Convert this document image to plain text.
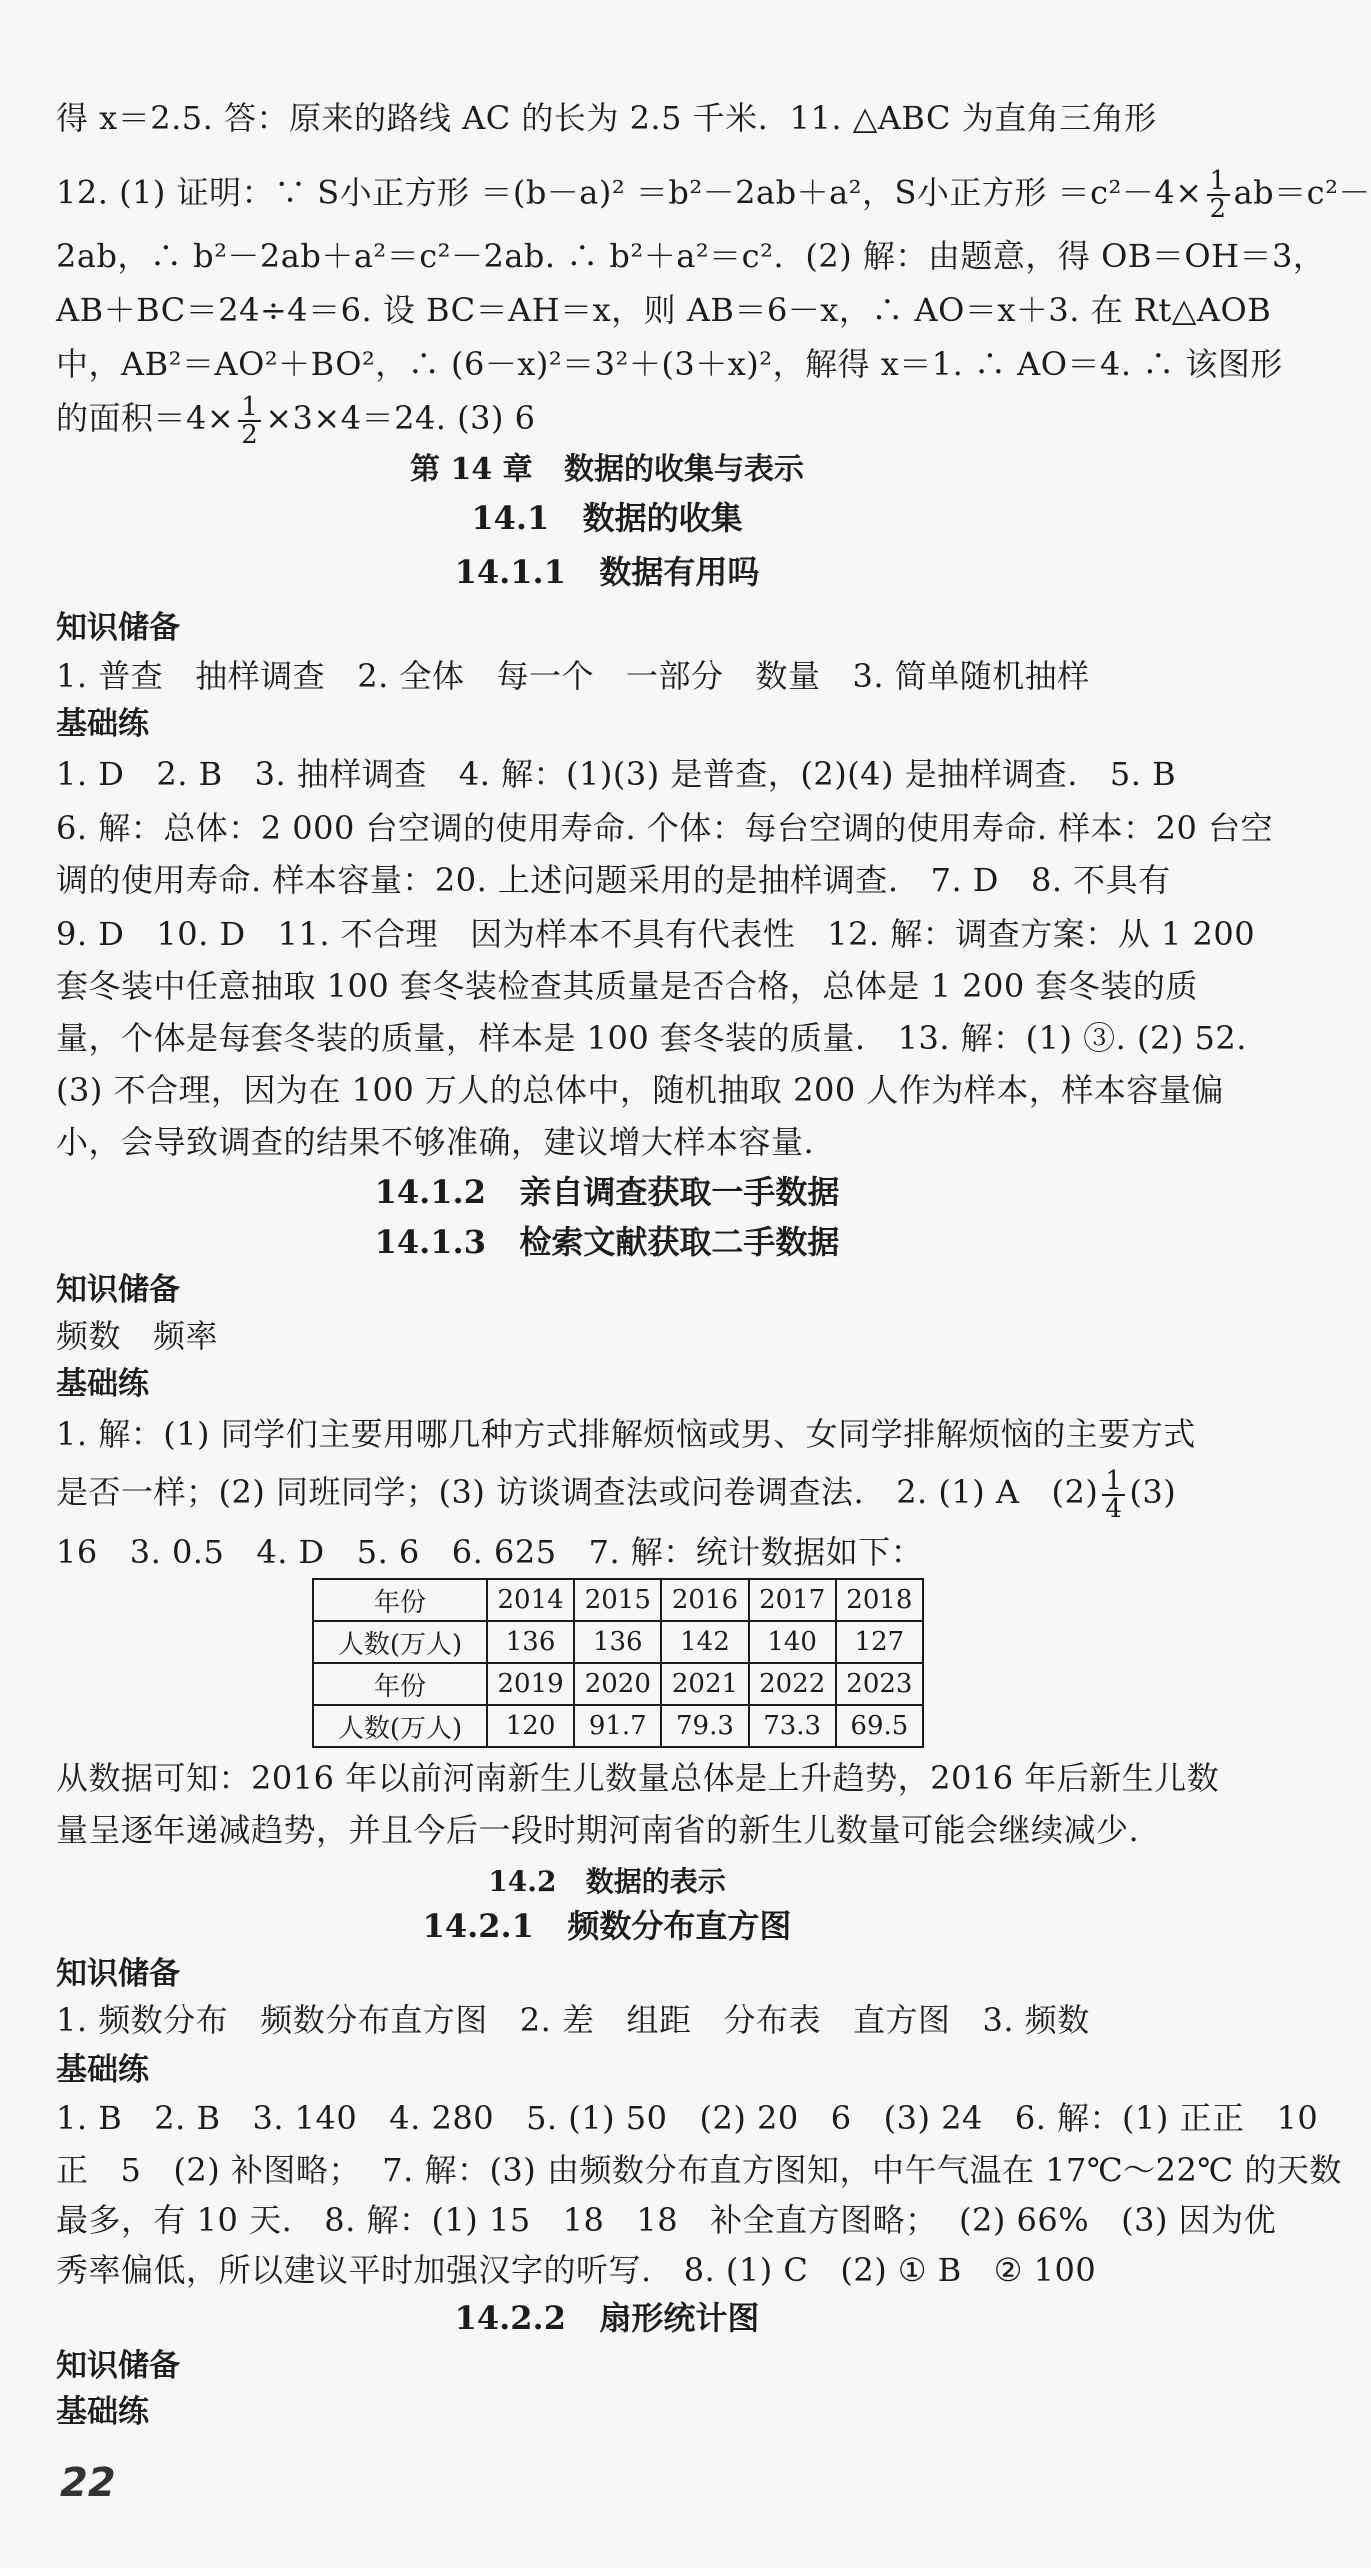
得 x＝2.5. 答：原来的路线 AC 的长为 2.5 千米.  11. △ABC 为直角三角形
12. (1) 证明：∵ S小正方形 ＝(b－a)² ＝b²－2ab＋a²，S小正方形 $=c^2-4\times \frac{1}{2} ab=c^2-$
2ab，∴ b²－2ab＋a²＝c²－2ab. ∴ b²＋a²＝c².  (2) 解：由题意，得 OB＝OH＝3，
AB＋BC＝24÷4＝6. 设 BC＝AH＝x，则 AB＝6－x，∴ AO＝x＋3. 在 Rt△AOB
中，AB²＝AO²＋BO²，∴ (6－x)²＝3²＋(3＋x)²，解得 x＝1. ∴ AO＝4. ∴ 该图形
的面积$=4\times \frac{1}{2} \times 3\times 4=24$. (3) 6
第 14 章   数据的收集与表示
14.1   数据的收集
14.1.1   数据有用吗
知识储备
1. 普查   抽样调查   2. 全体   每一个   一部分   数量   3. 简单随机抽样
基础练
1. D   2. B   3. 抽样调查   4. 解：(1)(3) 是普查，(2)(4) 是抽样调查.   5. B
6. 解：总体：2 000 台空调的使用寿命. 个体：每台空调的使用寿命. 样本：20 台空
调的使用寿命. 样本容量：20. 上述问题采用的是抽样调查.   7. D   8. 不具有
9. D   10. D   11. 不合理   因为样本不具有代表性   12. 解：调查方案：从 1 200
套冬装中任意抽取 100 套冬装检查其质量是否合格，总体是 1 200 套冬装的质
量，个体是每套冬装的质量，样本是 100 套冬装的质量.   13. 解：(1) ③. (2) 52.
(3) 不合理，因为在 100 万人的总体中，随机抽取 200 人作为样本，样本容量偏
小，会导致调查的结果不够准确，建议增大样本容量.
14.1.2   亲自调查获取一手数据
14.1.3   检索文献获取二手数据
知识储备
频数   频率
基础练
1. 解：(1) 同学们主要用哪几种方式排解烦恼或男、女同学排解烦恼的主要方式
是否一样；(2) 同班同学；(3) 访谈调查法或问卷调查法.   2. (1) A   $(2) \frac{1}{4} (3)$
16   3. 0.5   4. D   5. 6   6. 625   7. 解：统计数据如下：
年份	2014	2015	2016	2017	2018
人数(万人)	136	136	142	140	127
年份	2019	2020	2021	2022	2023
人数(万人)	120	91.7	79.3	73.3	69.5
从数据可知：2016 年以前河南新生儿数量总体是上升趋势，2016 年后新生儿数
量呈逐年递减趋势，并且今后一段时期河南省的新生儿数量可能会继续减少.
14.2   数据的表示
14.2.1   频数分布直方图
知识储备
1. 频数分布   频数分布直方图   2. 差   组距   分布表   直方图   3. 频数
基础练
1. B   2. B   3. 140   4. 280   5. (1) 50   (2) 20   6   (3) 24   6. 解：(1) 正正   10
正   5   (2) 补图略；  7. 解：(3) 由频数分布直方图知，中午气温在 17℃～22℃ 的天数
最多，有 10 天.   8. 解：(1) 15   18   18   补全直方图略；  (2) 66%   (3) 因为优
秀率偏低，所以建议平时加强汉字的听写.   8. (1) C   (2) ① B   ② 100
14.2.2   扇形统计图
知识储备
基础练
22
